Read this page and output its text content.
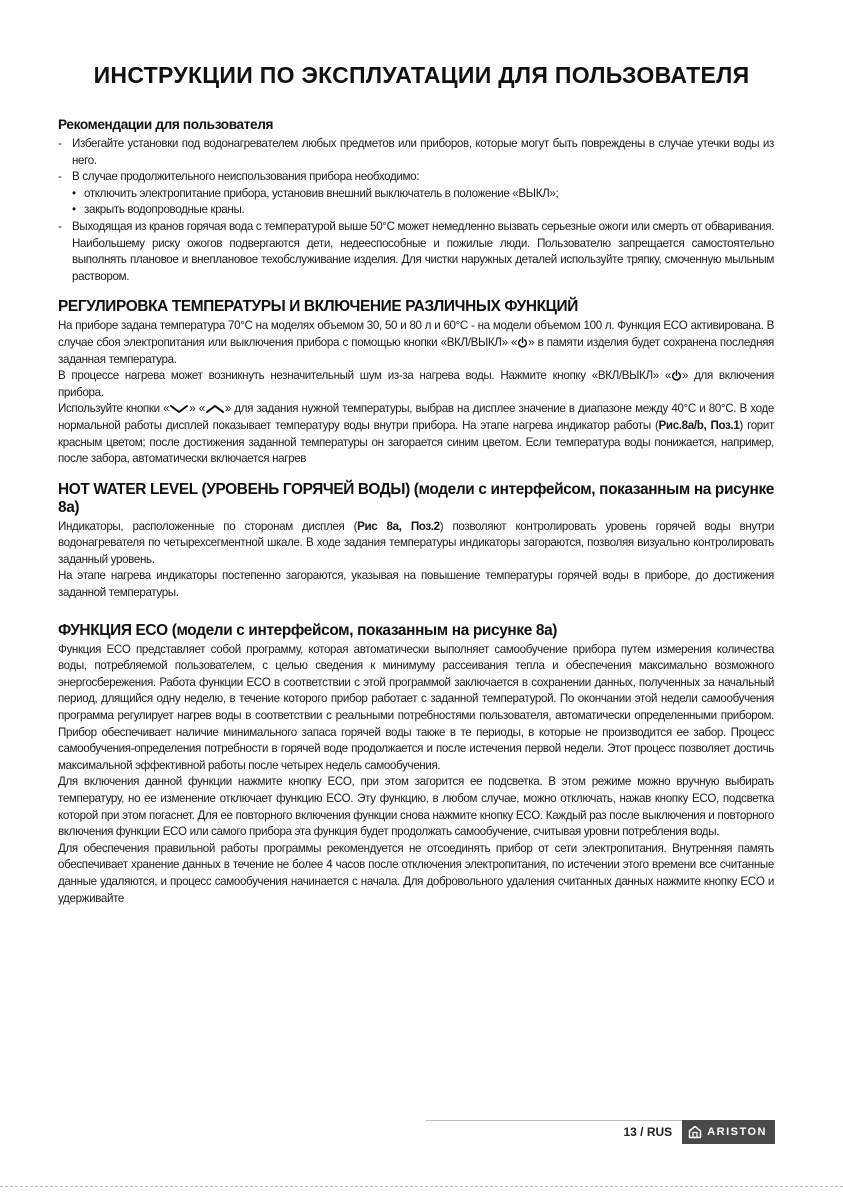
ИНСТРУКЦИИ ПО ЭКСПЛУАТАЦИИ ДЛЯ ПОЛЬЗОВАТЕЛЯ
Рекомендации для пользователя
- Избегайте установки под водонагревателем любых предметов или приборов, которые могут быть повреждены в случае утечки воды из него.
- В случае продолжительного неиспользования прибора необходимо:
• отключить электропитание прибора, установив внешний выключатель в положение «ВЫКЛ»;
• закрыть водопроводные краны.
- Выходящая из кранов горячая вода с температурой выше 50°С может немедленно вызвать серьезные ожоги или смерть от обваривания. Наибольшему риску ожогов подвергаются дети, недееспособные и пожилые люди. Пользователю запрещается самостоятельно выполнять плановое и внеплановое техобслуживание изделия. Для чистки наружных деталей используйте тряпку, смоченную мыльным раствором.
РЕГУЛИРОВКА ТЕМПЕРАТУРЫ И ВКЛЮЧЕНИЕ РАЗЛИЧНЫХ ФУНКЦИЙ

На приборе задана температура 70°С на моделях объемом 30, 50 и 80 л и 60°С - на модели объемом 100 л. Функция ECO активирована. В случае сбоя электропитания или выключения прибора с помощью кнопки «ВКЛ/ВЫКЛ» « » в памяти изделия будет сохранена последняя заданная температура.

В процессе нагрева может возникнуть незначительный шум из-за нагрева воды. Нажмите кнопку «ВКЛ/ВЫКЛ» « » для включения прибора.

Используйте кнопки « » « » для задания нужной температуры, выбрав на дисплее значение в диапазоне между 40°С и 80°С. В ходе нормальной работы дисплей показывает температуру воды внутри прибора. На этапе нагрева индикатор работы (Рис.8a/b, Поз.1) горит красным цветом; после достижения заданной температуры он загорается синим цветом. Если температура воды понижается, например, после забора, автоматически включается нагрев

HOT WATER LEVEL (УРОВЕНЬ ГОРЯЧЕЙ ВОДЫ) (модели с интерфейсом, показанным на рисунке 8а)

Индикаторы, расположенные по сторонам дисплея (Рис 8a, Поз.2) позволяют контролировать уровень горячей воды внутри водонагревателя по четырехсегментной шкале. В ходе задания температуры индикаторы загораются, позволяя визуально контролировать заданный уровень.

На этапе нагрева индикаторы постепенно загораются, указывая на повышение температуры горячей воды в приборе, до достижения заданной температуры.

ФУНКЦИЯ ECO (модели с интерфейсом, показанным на рисунке 8а)

Функция ECO представляет собой программу, которая автоматически выполняет самообучение прибора путем измерения количества воды, потребляемой пользователем, с целью сведения к минимуму рассеивания тепла и обеспечения максимально возможного энергосбережения. Работа функции ECO в соответствии с этой программой заключается в сохранении данных, полученных за начальный период, длящийся одну неделю, в течение которого прибор работает с заданной температурой. По окончании этой недели самообучения программа регулирует нагрев воды в соответствии с реальными потребностями пользователя, автоматически определенными прибором. Прибор обеспечивает наличие минимального запаса горячей воды также в те периоды, в которые не производится ее забор. Процесс самообучения-определения потребности в горячей воде продолжается и после истечения первой недели. Этот процесс позволяет достичь максимальной эффективной работы после четырех недель самообучения.

Для включения данной функции нажмите кнопку ECO, при этом загорится ее подсветка. В этом режиме можно вручную выбирать температуру, но ее изменение отключает функцию ECO. Эту функцию, в любом случае, можно отключать, нажав кнопку ECO, подсветка которой при этом погаснет. Для ее повторного включения функции снова нажмите кнопку ECO. Каждый раз после выключения и повторного включения функции ECO или самого прибора эта функция будет продолжать самообучение, считывая уровни потребления воды.

Для обеспечения правильной работы программы рекомендуется не отсоединять прибор от сети электропитания. Внутренняя память обеспечивает хранение данных в течение не более 4 часов после отключения электропитания, по истечении этого времени все считанные данные удаляются, и процесс самообучения начинается с начала. Для добровольного удаления считанных данных нажмите кнопку ECO и удерживайте

13 / RUS	ARISTON
